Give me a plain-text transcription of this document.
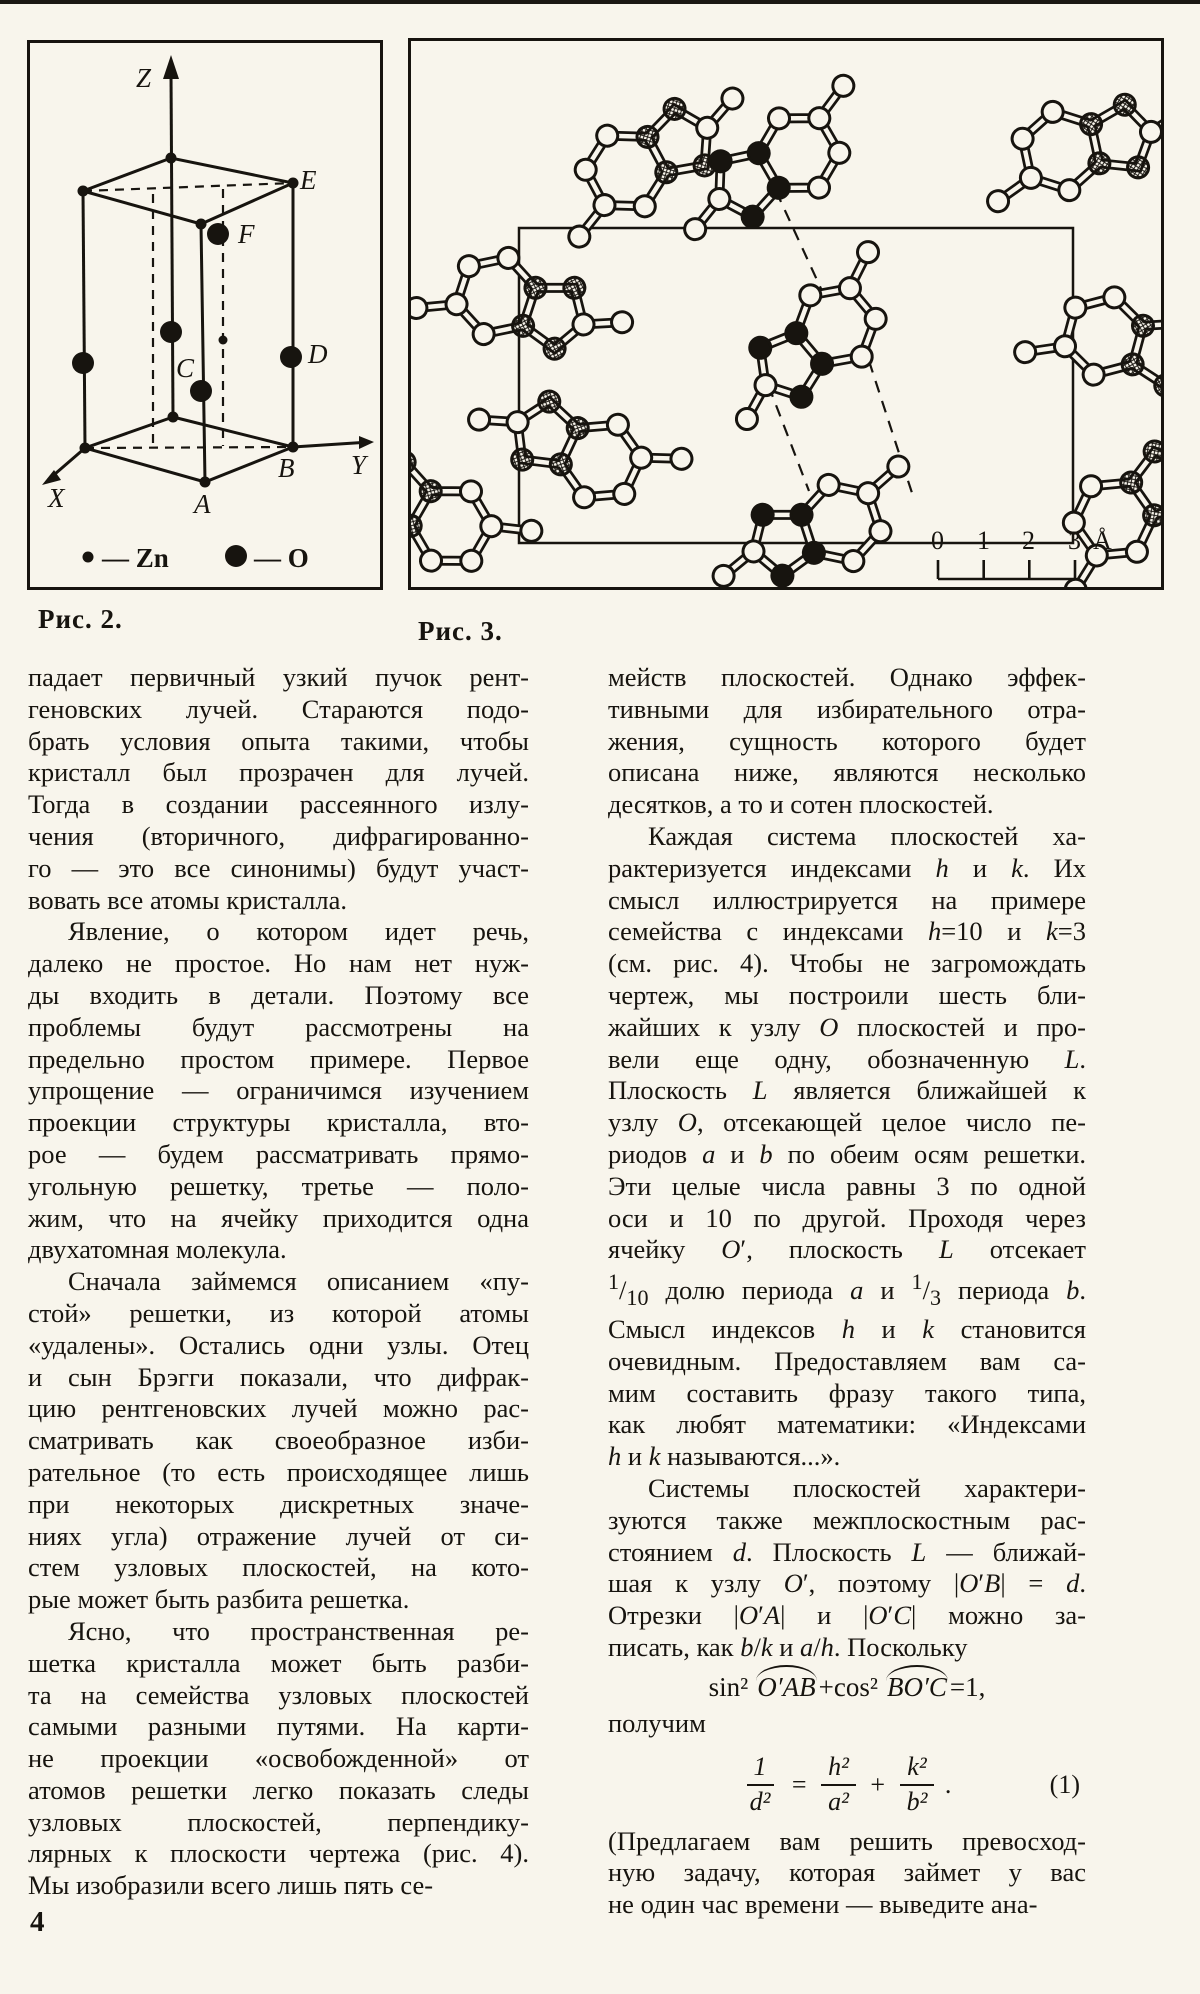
Z
X
Y
E
F
C	D
A
B
— Zn	— O
0 1 2 3 Å
Рис. 2.	Рис. 3.
падает первичный узкий пучок рент-
геновских лучей. Стараются подо-
брать условия опыта такими, чтобы
кристалл был прозрачен для лучей.
Тогда в создании рассеянного излу-
чения (вторичного, дифрагированно-
го — это все синонимы) будут участ-
вовать все атомы кристалла.
Явление, о котором идет речь,
далеко не простое. Но нам нет нуж-
ды входить в детали. Поэтому все
проблемы будут рассмотрены на
предельно простом примере. Первое
упрощение — ограничимся изучением
проекции структуры кристалла, вто-
рое — будем рассматривать прямо-
угольную решетку, третье — поло-
жим, что на ячейку приходится одна
двухатомная молекула.
Сначала займемся описанием «пу-
стой» решетки, из которой атомы
«удалены». Остались одни узлы. Отец
и сын Брэгги показали, что дифрак-
цию рентгеновских лучей можно рас-
сматривать как своеобразное изби-
рательное (то есть происходящее лишь
при некоторых дискретных значе-
ниях угла) отражение лучей от си-
стем узловых плоскостей, на кото-
рые может быть разбита решетка.
Ясно, что пространственная ре-
шетка кристалла может быть разби-
та на семейства узловых плоскостей
самыми разными путями. На карти-
не проекции «освобожденной» от
атомов решетки легко показать следы
узловых плоскостей, перпендику-
лярных к плоскости чертежа (рис. 4).
Мы изобразили всего лишь пять се-
мейств плоскостей. Однако эффек-
тивными для избирательного отра-
жения, сущность которого будет
описана ниже, являются несколько
десятков, а то и сотен плоскостей.
Каждая система плоскостей ха-
рактеризуется индексами h и k. Их
смысл иллюстрируется на примере
семейства с индексами h=10 и k=3
(см. рис. 4). Чтобы не загромождать
чертеж, мы построили шесть бли-
жайших к узлу O плоскостей и про-
вели еще одну, обозначенную L.
Плоскость L является ближайшей к
узлу O, отсекающей целое число пе-
риодов a и b по обеим осям решетки.
Эти целые числа равны 3 по одной
оси и 10 по другой. Проходя через
ячейку O′, плоскость L отсекает
$^1/_{10}$ долю периода a и $^1/_3$ периода b.
Смысл индексов h и k становится
очевидным. Предоставляем вам са-
мим составить фразу такого типа,
как любят математики: «Индексами
h и k называются...».
Системы плоскостей характери-
зуются также межплоскостным рас-
стоянием d. Плоскость L — ближай-
шая к узлу O′, поэтому |O′B| = d.
Отрезки |O′A| и |O′C| можно за-
писать, как b/k и a/h. Поскольку
sin² O′AB +cos² BO′C =1,
получим
$\frac{1}{\text{d²}} = \frac{\text{h²}}{\text{a²}} + \frac{\text{k²}}{\text{b²}}$ .	(1)
(Предлагаем вам решить превосход-
ную задачу, которая займет у вас
не один час времени — выведите ана-
4
